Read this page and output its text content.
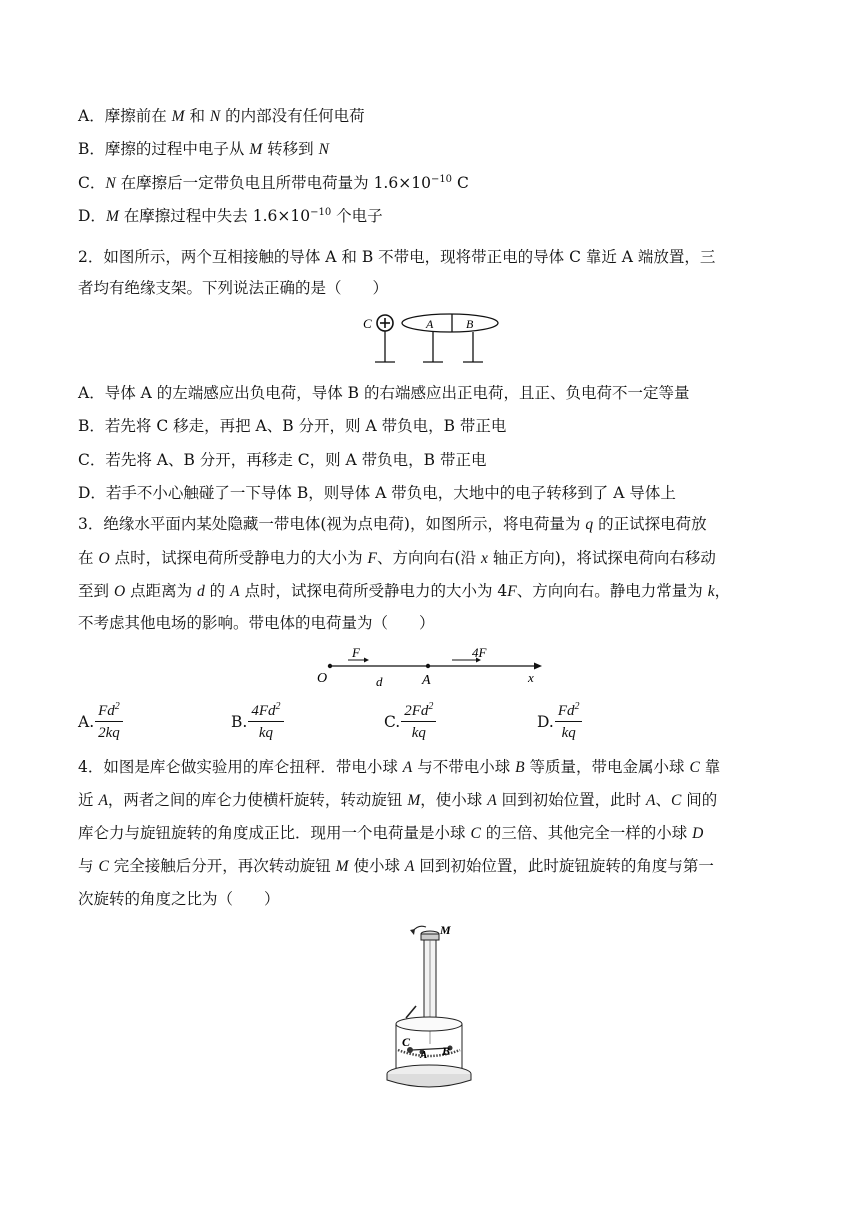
A．摩擦前在 M 和 N 的内部没有任何电荷
B．摩擦的过程中电子从 M 转移到 N
C．N 在摩擦后一定带负电且所带电荷量为 $1.6\times 10^{-10}$ C
D．M 在摩擦过程中失去 $1.6\times 10^{-10}$ 个电子
2．如图所示，两个互相接触的导体 A 和 B 不带电，现将带正电的导体 C 靠近 A 端放置，三
者均有绝缘支架。下列说法正确的是（　　）
C	A	B
A．导体 A 的左端感应出负电荷，导体 B 的右端感应出正电荷，且正、负电荷不一定等量
B．若先将 C 移走，再把 A、B 分开，则 A 带负电，B 带正电
C．若先将 A、B 分开，再移走 C，则 A 带负电，B 带正电
D．若手不小心触碰了一下导体 B，则导体 A 带负电，大地中的电子转移到了 A 导体上
3．绝缘水平面内某处隐藏一带电体(视为点电荷)，如图所示，将电荷量为 q 的正试探电荷放
在 O 点时，试探电荷所受静电力的大小为 F、方向向右(沿 x 轴正方向)，将试探电荷向右移动
至到 O 点距离为 d 的 A 点时，试探电荷所受静电力的大小为 4F、方向向右。静电力常量为 k，
不考虑其他电场的影响。带电体的电荷量为（　　）
F	4F
O	d	A	x
A. $\frac{Fd^2}{2kq}$	B. $\frac{4Fd^2}{kq}$	C. $\frac{2Fd^2}{kq}$	D. $\frac{Fd^2}{kq}$
4．如图是库仑做实验用的库仑扭秤．带电小球 A 与不带电小球 B 等质量，带电金属小球 C 靠
近 A，两者之间的库仑力使横杆旋转，转动旋钮 M，使小球 A 回到初始位置，此时 A、C 间的
库仑力与旋钮旋转的角度成正比．现用一个电荷量是小球 C 的三倍、其他完全一样的小球 D
与 C 完全接触后分开，再次转动旋钮 M 使小球 A 回到初始位置，此时旋钮旋转的角度与第一
次旋转的角度之比为（　　）
M
C
A B
